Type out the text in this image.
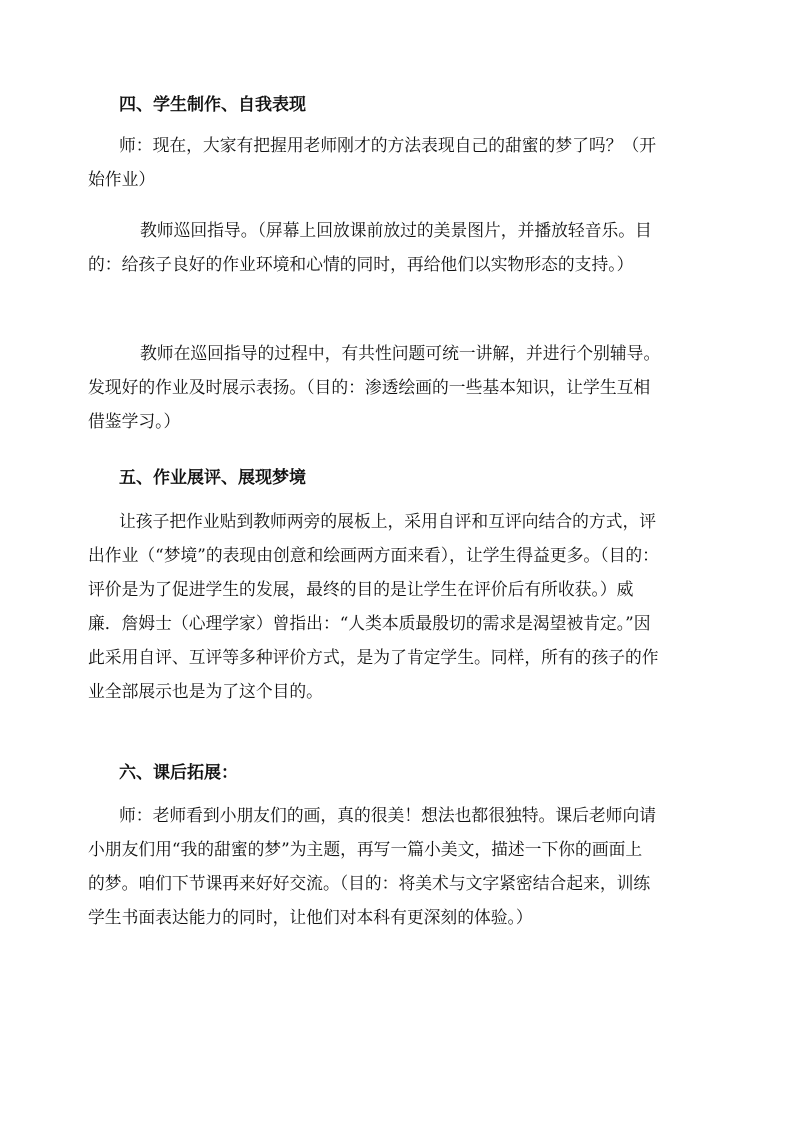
四、学生制作、自我表现
师：现在，大家有把握用老师刚才的方法表现自己的甜蜜的梦了吗？（开
始作业）
教师巡回指导。（屏幕上回放课前放过的美景图片，并播放轻音乐。目
的：给孩子良好的作业环境和心情的同时，再给他们以实物形态的支持。）
教师在巡回指导的过程中，有共性问题可统一讲解，并进行个别辅导。
发现好的作业及时展示表扬。（目的：渗透绘画的一些基本知识，让学生互相
借鉴学习。）
五、作业展评、展现梦境
让孩子把作业贴到教师两旁的展板上，采用自评和互评向结合的方式，评
出作业（“梦境”的表现由创意和绘画两方面来看），让学生得益更多。（目的：
评价是为了促进学生的发展，最终的目的是让学生在评价后有所收获。）威
廉．詹姆士（心理学家）曾指出：“人类本质最殷切的需求是渴望被肯定。”因
此采用自评、互评等多种评价方式，是为了肯定学生。同样，所有的孩子的作
业全部展示也是为了这个目的。
六、课后拓展：
师：老师看到小朋友们的画，真的很美！想法也都很独特。课后老师向请
小朋友们用“我的甜蜜的梦”为主题，再写一篇小美文，描述一下你的画面上
的梦。咱们下节课再来好好交流。（目的：将美术与文字紧密结合起来，训练
学生书面表达能力的同时，让他们对本科有更深刻的体验。）
